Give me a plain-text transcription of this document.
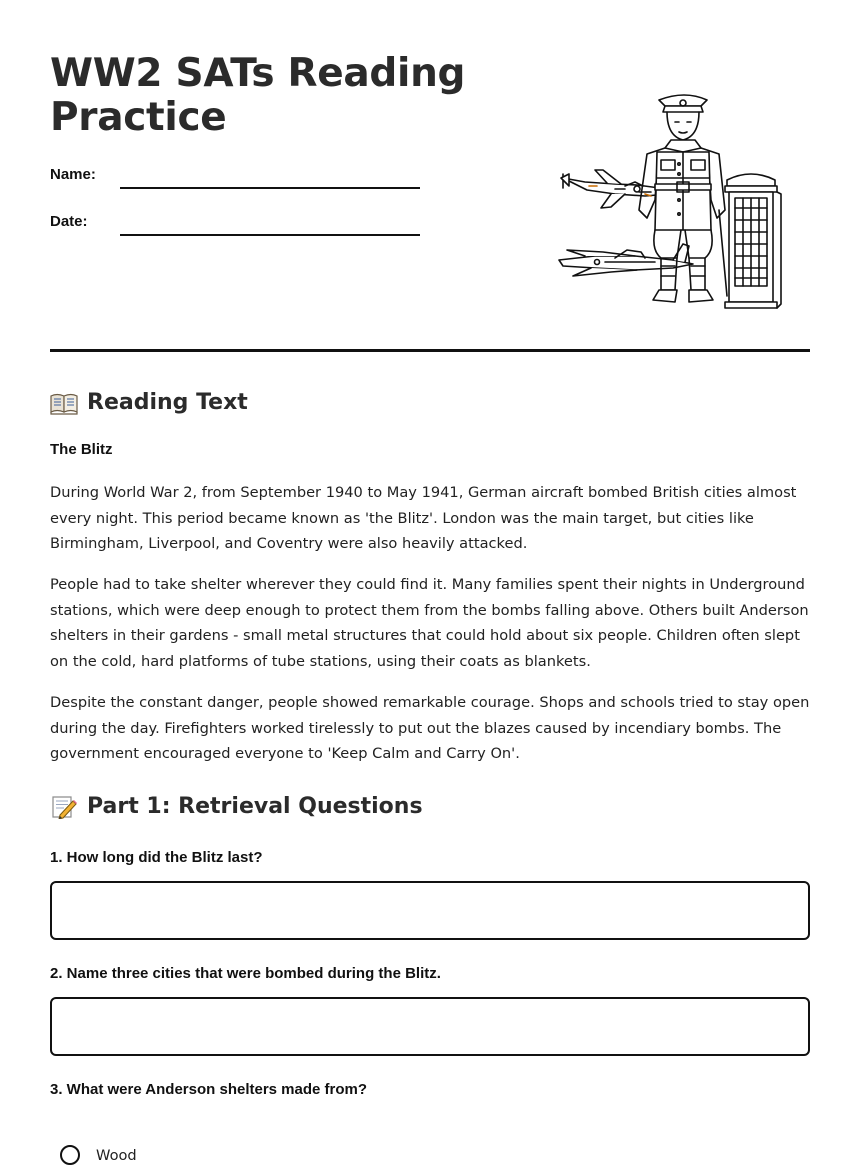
WW2 SATs Reading Practice
Name:
Date:
Reading Text
The Blitz

During World War 2, from September 1940 to May 1941, German aircraft bombed British cities almost every night. This period became known as 'the Blitz'. London was the main target, but cities like Birmingham, Liverpool, and Coventry were also heavily attacked.

People had to take shelter wherever they could find it. Many families spent their nights in Underground stations, which were deep enough to protect them from the bombs falling above. Others built Anderson shelters in their gardens - small metal structures that could hold about six people. Children often slept on the cold, hard platforms of tube stations, using their coats as blankets.

Despite the constant danger, people showed remarkable courage. Shops and schools tried to stay open during the day. Firefighters worked tirelessly to put out the blazes caused by incendiary bombs. The government encouraged everyone to 'Keep Calm and Carry On'.

Part 1: Retrieval Questions
1. How long did the Blitz last?
2. Name three cities that were bombed during the Blitz.
3. What were Anderson shelters made from?
Wood
